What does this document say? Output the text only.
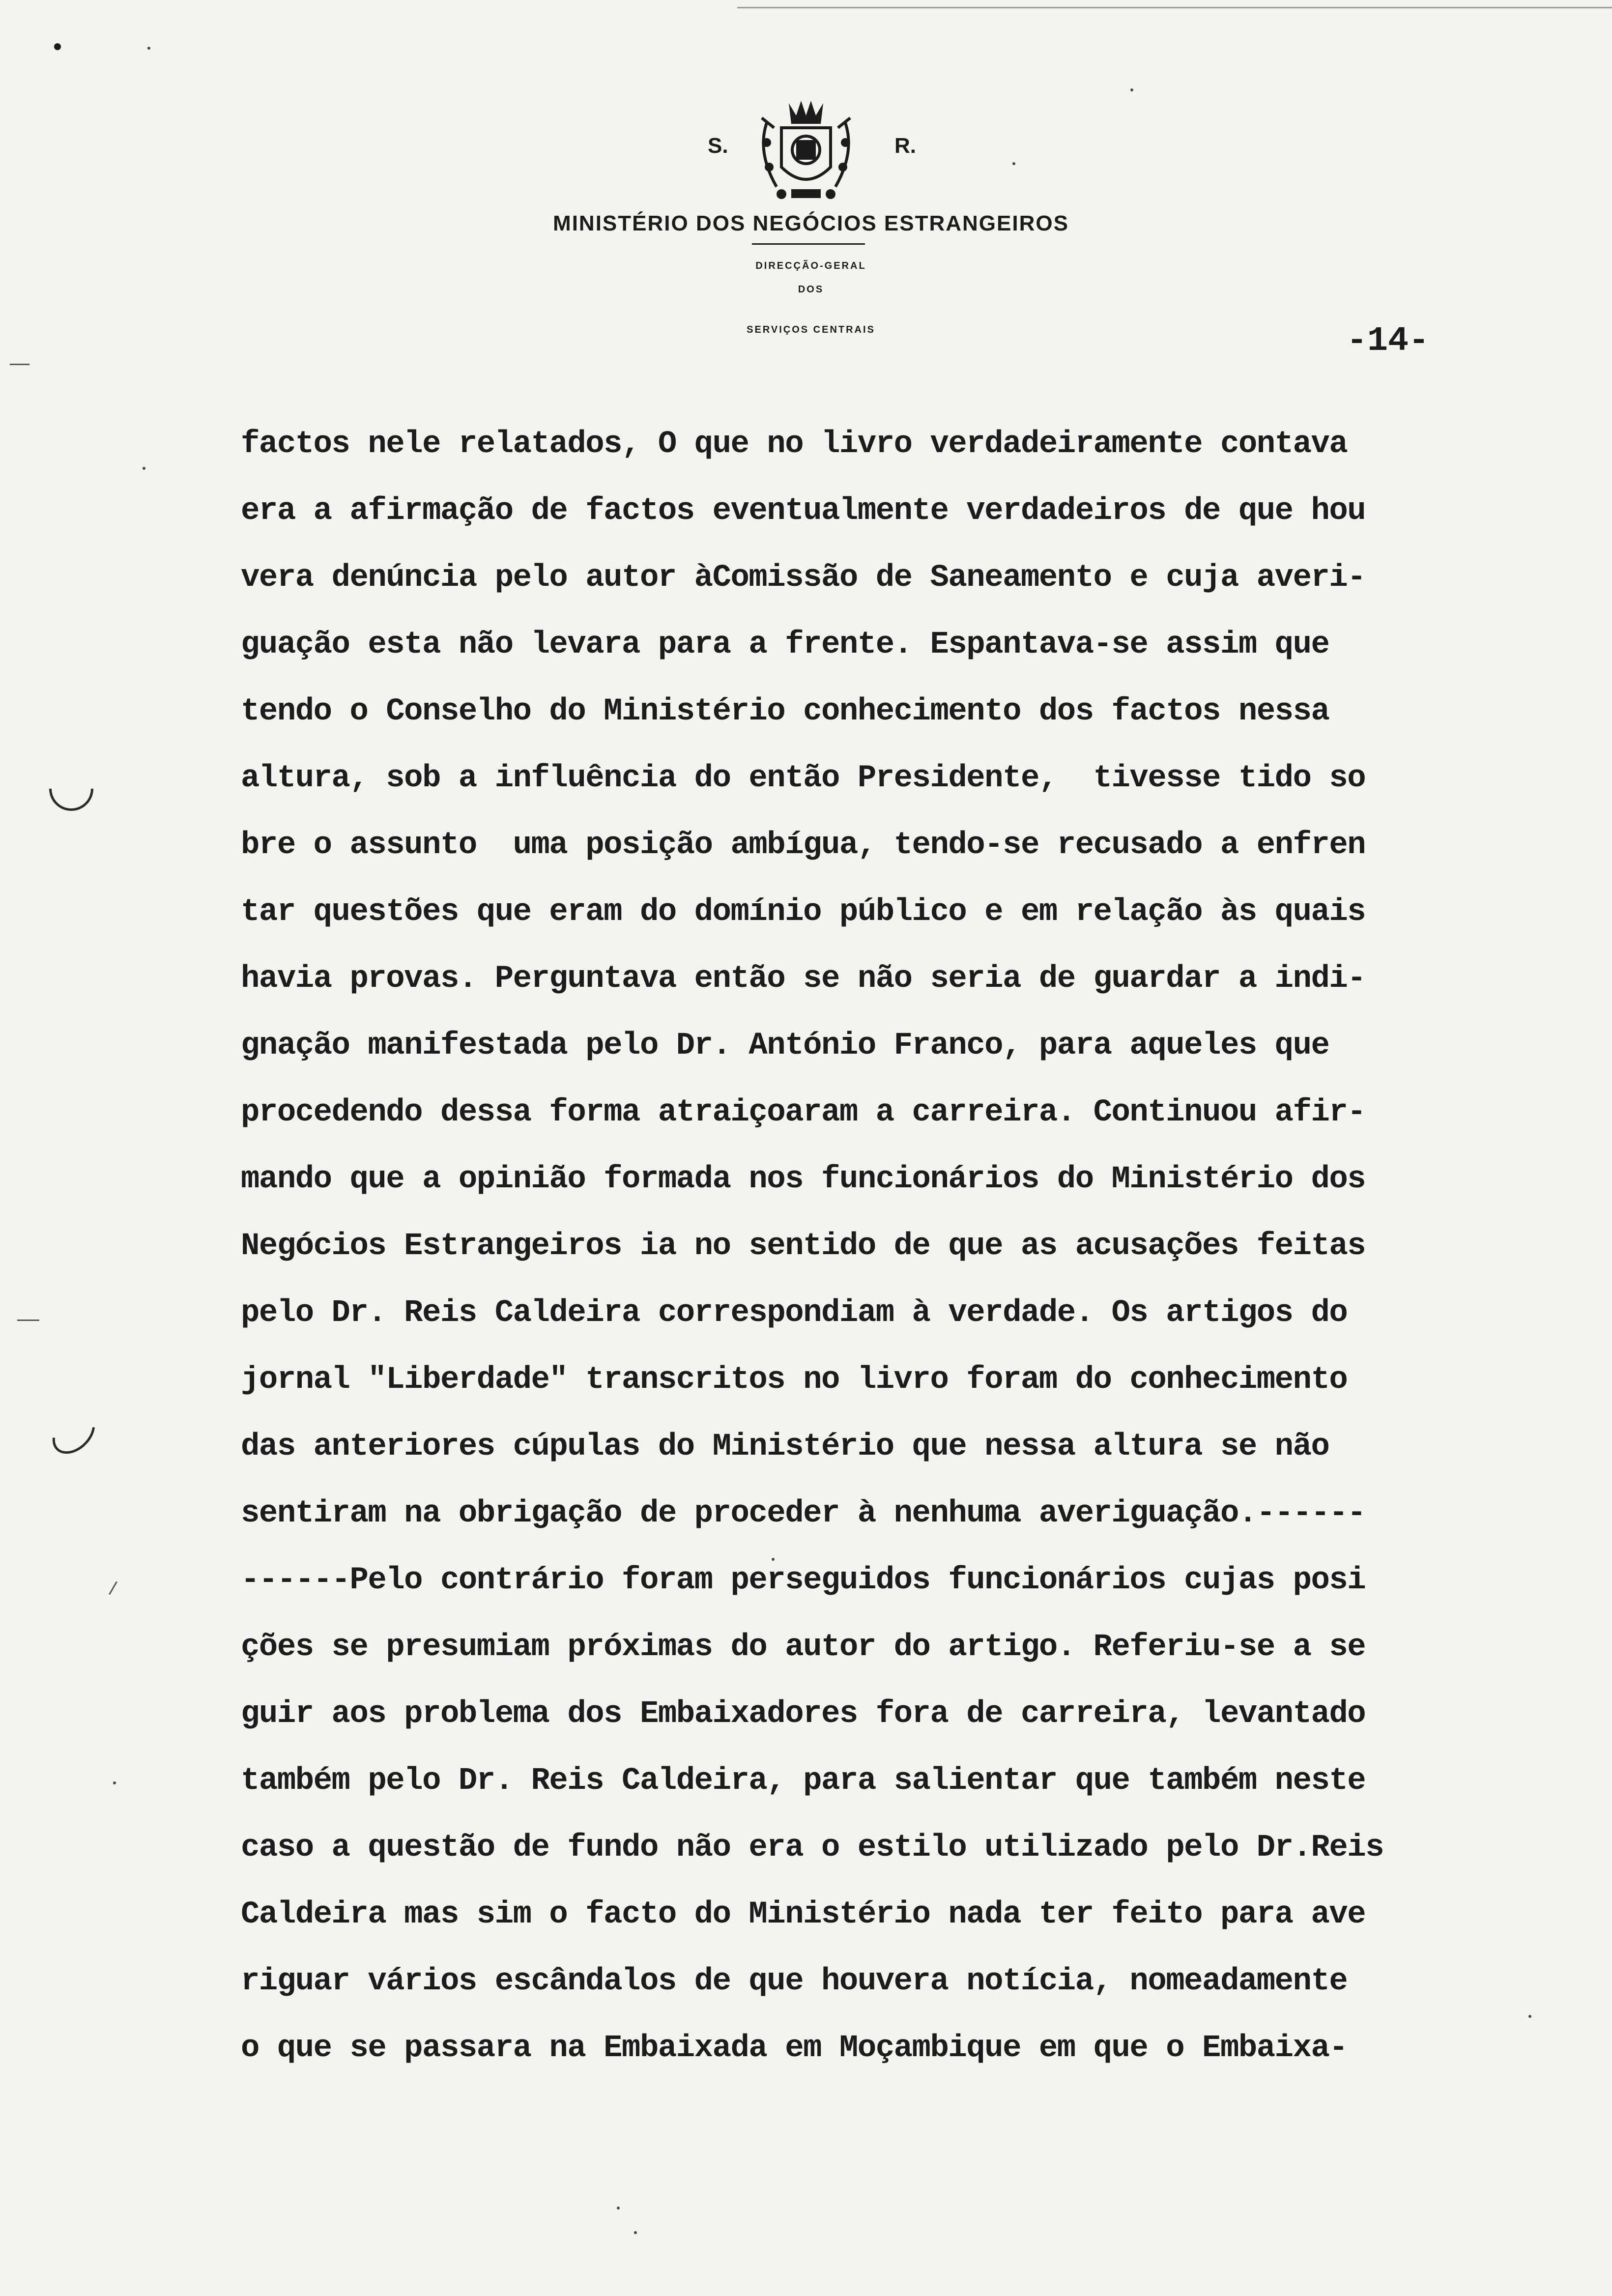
S.	R.
MINISTÉRIO DOS NEGÓCIOS ESTRANGEIROS
DIRECÇÃO-GERAL
DOS
SERVIÇOS CENTRAIS	-14-
factos nele relatados, O que no livro verdadeiramente contava
era a afirmação de factos eventualmente verdadeiros de que hou
vera denúncia pelo autor àComissão de Saneamento e cuja averi-
guação esta não levara para a frente. Espantava-se assim que
tendo o Conselho do Ministério conhecimento dos factos nessa
altura, sob a influência do então Presidente,  tivesse tido so
bre o assunto  uma posição ambígua, tendo-se recusado a enfren
tar questões que eram do domínio público e em relação às quais
havia provas. Perguntava então se não seria de guardar a indi-
gnação manifestada pelo Dr. António Franco, para aqueles que
procedendo dessa forma atraiçoaram a carreira. Continuou afir-
mando que a opinião formada nos funcionários do Ministério dos
Negócios Estrangeiros ia no sentido de que as acusações feitas
pelo Dr. Reis Caldeira correspondiam à verdade. Os artigos do
jornal "Liberdade" transcritos no livro foram do conhecimento
das anteriores cúpulas do Ministério que nessa altura se não
sentiram na obrigação de proceder à nenhuma averiguação.------
------Pelo contrário foram perseguidos funcionários cujas posi
ções se presumiam próximas do autor do artigo. Referiu-se a se
guir aos problema dos Embaixadores fora de carreira, levantado
também pelo Dr. Reis Caldeira, para salientar que também neste
caso a questão de fundo não era o estilo utilizado pelo Dr.Reis
Caldeira mas sim o facto do Ministério nada ter feito para ave
riguar vários escândalos de que houvera notícia, nomeadamente
o que se passara na Embaixada em Moçambique em que o Embaixa-
